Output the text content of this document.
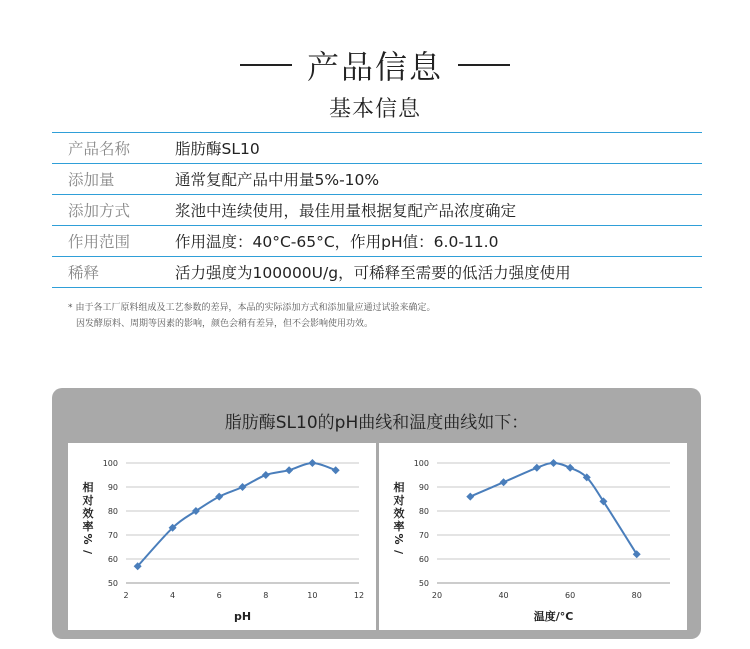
产品信息
基本信息
产品名称	脂肪酶SL10
添加量	通常复配产品中用量5%-10%
添加方式	浆池中连续使用，最佳用量根据复配产品浓度确定
作用范围	作用温度：40°C-65°C，作用pH值：6.0-11.0
稀释	活力强度为100000U/g，可稀释至需要的低活力强度使用
* 由于各工厂原料组成及工艺参数的差异，本品的实际添加方式和添加量应通过试验来确定。
因发酵原料、周期等因素的影响，颜色会稍有差异，但不会影响使用功效。
脂肪酶SL10的pH曲线和温度曲线如下：
50
60
70
80
90
100
2	4	6	8	10	12
相
对
效
率
%
/
pH
50
60
70
80
90
100
20	40	60	80
相
对
效
率
%
/
温度/°C
